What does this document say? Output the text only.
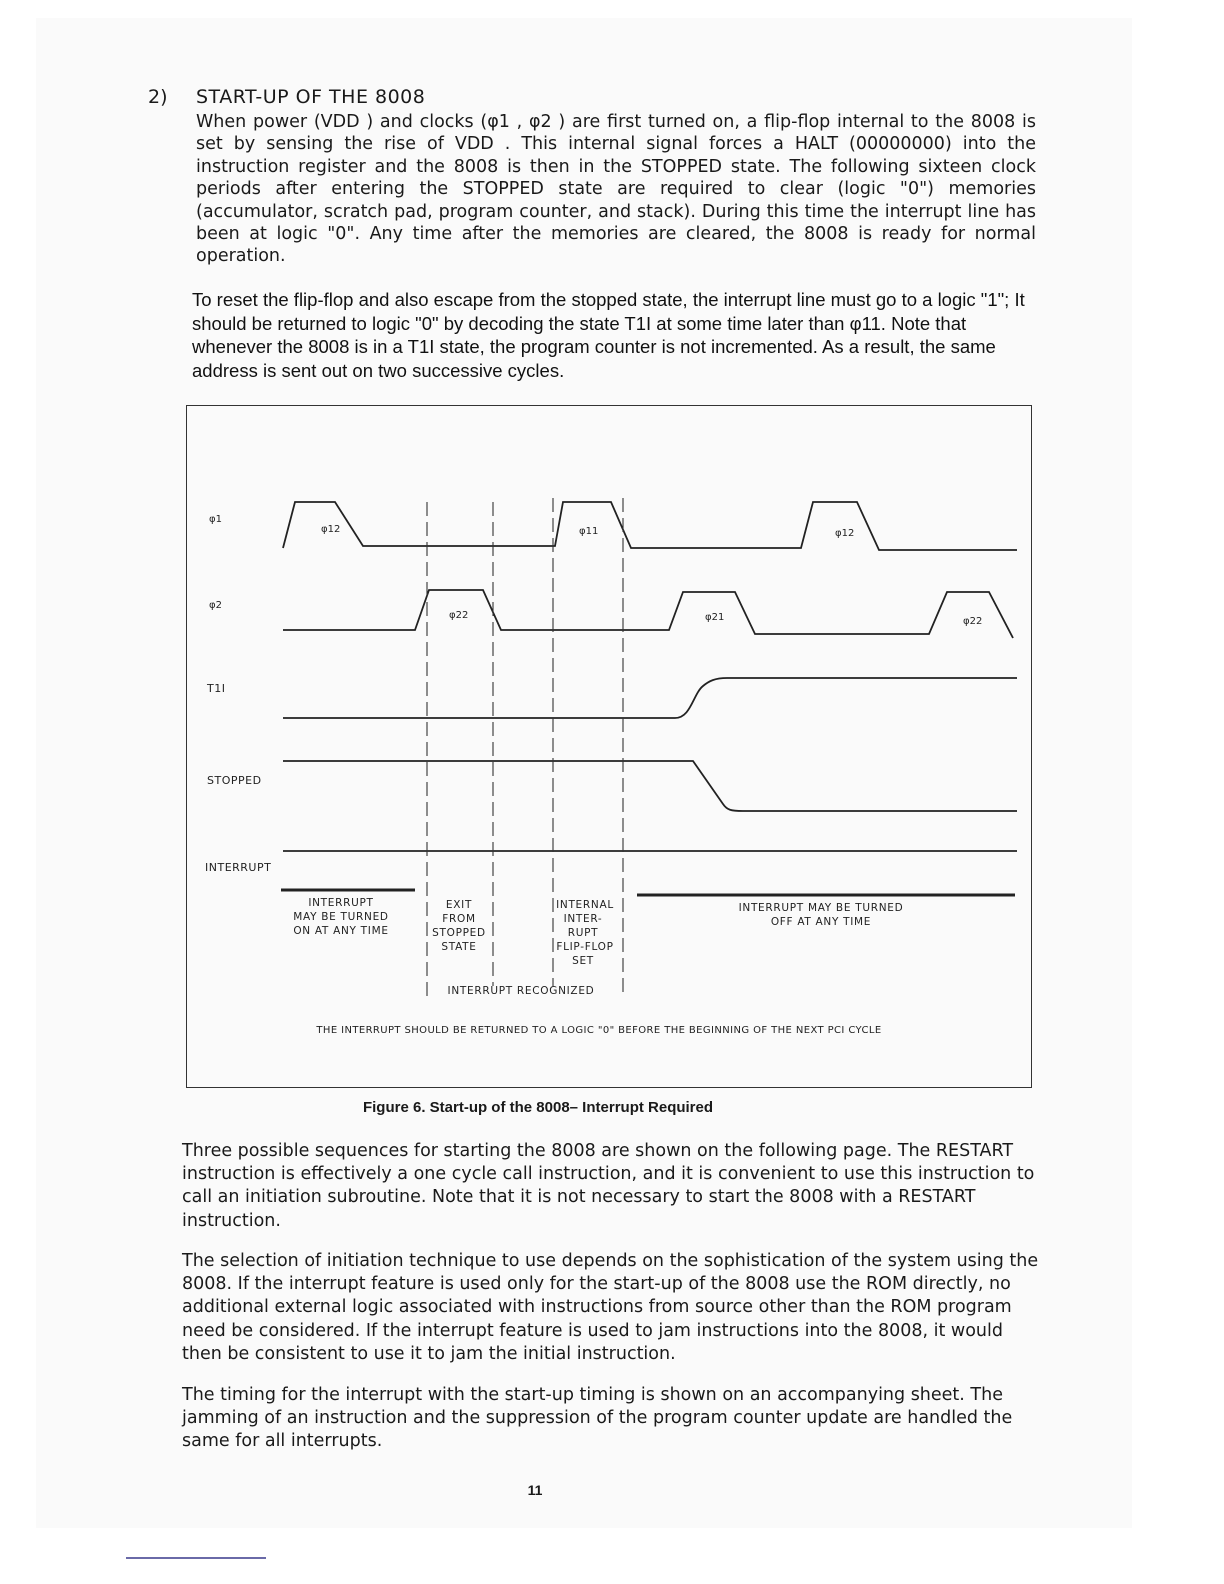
2) START-UP OF THE 8008

When power (VDD ) and clocks (φ1 , φ2 ) are first turned on, a flip-flop internal to the 8008 is set by sensing the rise of VDD . This internal signal forces a HALT (00000000) into the instruction register and the 8008 is then in the STOPPED state. The following sixteen clock periods after entering the STOPPED state are required to clear (logic "0") memories (accumulator, scratch pad, program counter, and stack). During this time the interrupt line has been at logic "0". Any time after the memories are cleared, the 8008 is ready for normal operation.

To reset the flip-flop and also escape from the stopped state, the interrupt line must go to a logic "1"; It should be returned to logic "0" by decoding the state T1I at some time later than φ11. Note that whenever the 8008 is in a T1I state, the program counter is not incremented. As a result, the same address is sent out on two successive cycles.

φ1
φ2
T1I
STOPPED
INTERRUPT
φ12	φ11	φ12
φ22	φ21	φ22
INTERRUPT
MAY BE TURNED
ON AT ANY TIME
EXIT
FROM
STOPPED
STATE
INTERNAL
INTER-
RUPT
FLIP-FLOP
SET
INTERRUPT MAY BE TURNED
OFF AT ANY TIME
INTERRUPT RECOGNIZED
THE INTERRUPT SHOULD BE RETURNED TO A LOGIC "0" BEFORE THE BEGINNING OF THE NEXT PCI CYCLE
Figure 6. Start-up of the 8008– Interrupt Required

Three possible sequences for starting the 8008 are shown on the following page. The RESTART instruction is effectively a one cycle call instruction, and it is convenient to use this instruction to call an initiation subroutine. Note that it is not necessary to start the 8008 with a RESTART instruction.

The selection of initiation technique to use depends on the sophistication of the system using the 8008. If the interrupt feature is used only for the start-up of the 8008 use the ROM directly, no additional external logic associated with instructions from source other than the ROM program need be considered. If the interrupt feature is used to jam instructions into the 8008, it would then be consistent to use it to jam the initial instruction.

The timing for the interrupt with the start-up timing is shown on an accompanying sheet. The jamming of an instruction and the suppression of the program counter update are handled the same for all interrupts.

11
